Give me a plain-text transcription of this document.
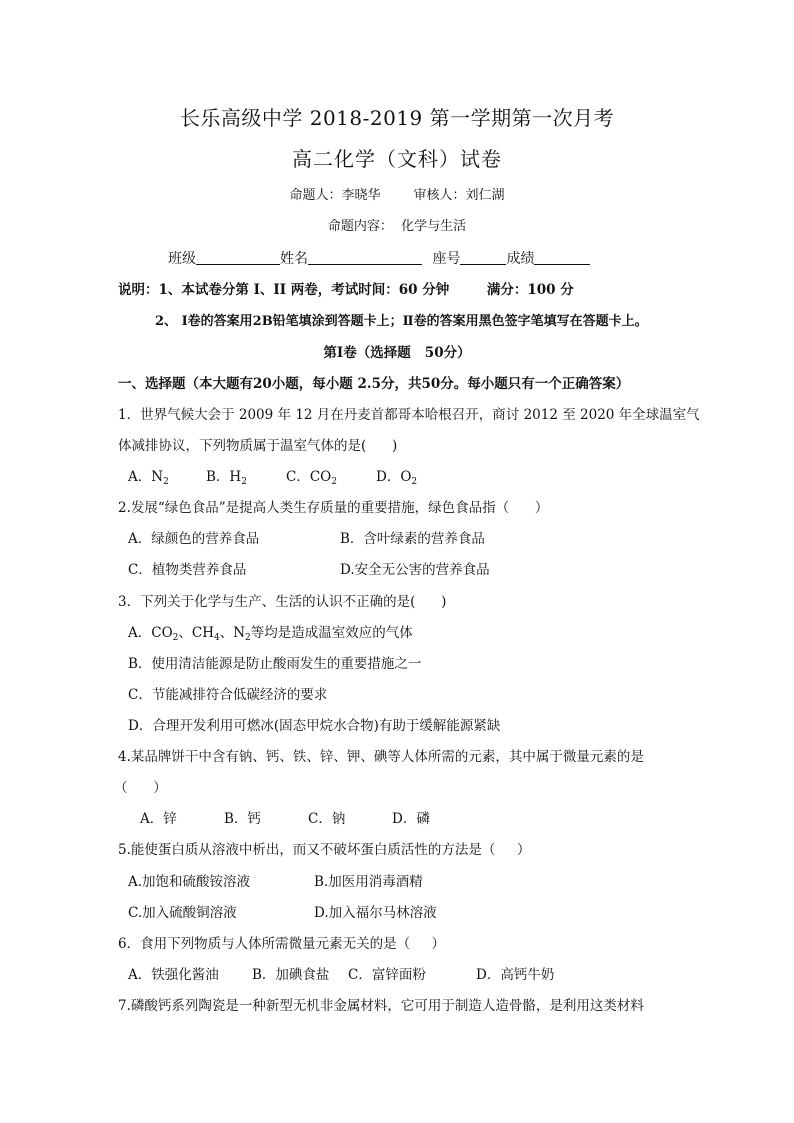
长乐高级中学 2018-2019 第一学期第一次月考
高二化学（文科）试卷
命题人：李晓华        审核人：刘仁湖
命题内容：  化学与生活
班级	姓名	座号	成绩
说明：1、本试卷分第 I、II 两卷，考试时间：60 分钟        满分：100 分
2、 Ⅰ卷的答案用2B铅笔填涂到答题卡上；Ⅱ卷的答案用黑色签字笔填写在答题卡上。
第Ⅰ卷（选择题   50分）
一、选择题（本大题有20小题，每小题 2.5分，共50分。每小题只有一个正确答案）
1．世界气候大会于 2009 年 12 月在丹麦首都哥本哈根召开，商讨 2012 至 2020 年全球温室气
体减排协议，下列物质属于温室气体的是(      )
A．$N_2$	B．$H_2$	C．$CO_2$	D．$O_2$
2.发展“绿色食品”是提高人类生存质量的重要措施，绿色食品指（      ）
A．绿颜色的营养食品	B．含叶绿素的营养食品
C．植物类营养食品	D.安全无公害的营养食品
3．下列关于化学与生产、生活的认识不正确的是(      )
A．$CO_2$、$CH_4$、$N_2$等均是造成温室效应的气体
B．使用清洁能源是防止酸雨发生的重要措施之一
C．节能减排符合低碳经济的要求
D．合理开发利用可燃冰(固态甲烷水合物)有助于缓解能源紧缺
4.某品牌饼干中含有钠、钙、铁、锌、钾、碘等人体所需的元素，其中属于微量元素的是
（      ）
A．锌	B．钙	C．钠	D．磷
5.能使蛋白质从溶液中析出，而又不破坏蛋白质活性的方法是（     ）
A.加饱和硫酸铵溶液	B.加医用消毒酒精
C.加入硫酸铜溶液	D.加入福尔马林溶液
6．食用下列物质与人体所需微量元素无关的是（     ）
A．铁强化酱油 B．加碘食盐 C．富锌面粉	D．高钙牛奶
7.磷酸钙系列陶瓷是一种新型无机非金属材料，它可用于制造人造骨骼，是利用这类材料
